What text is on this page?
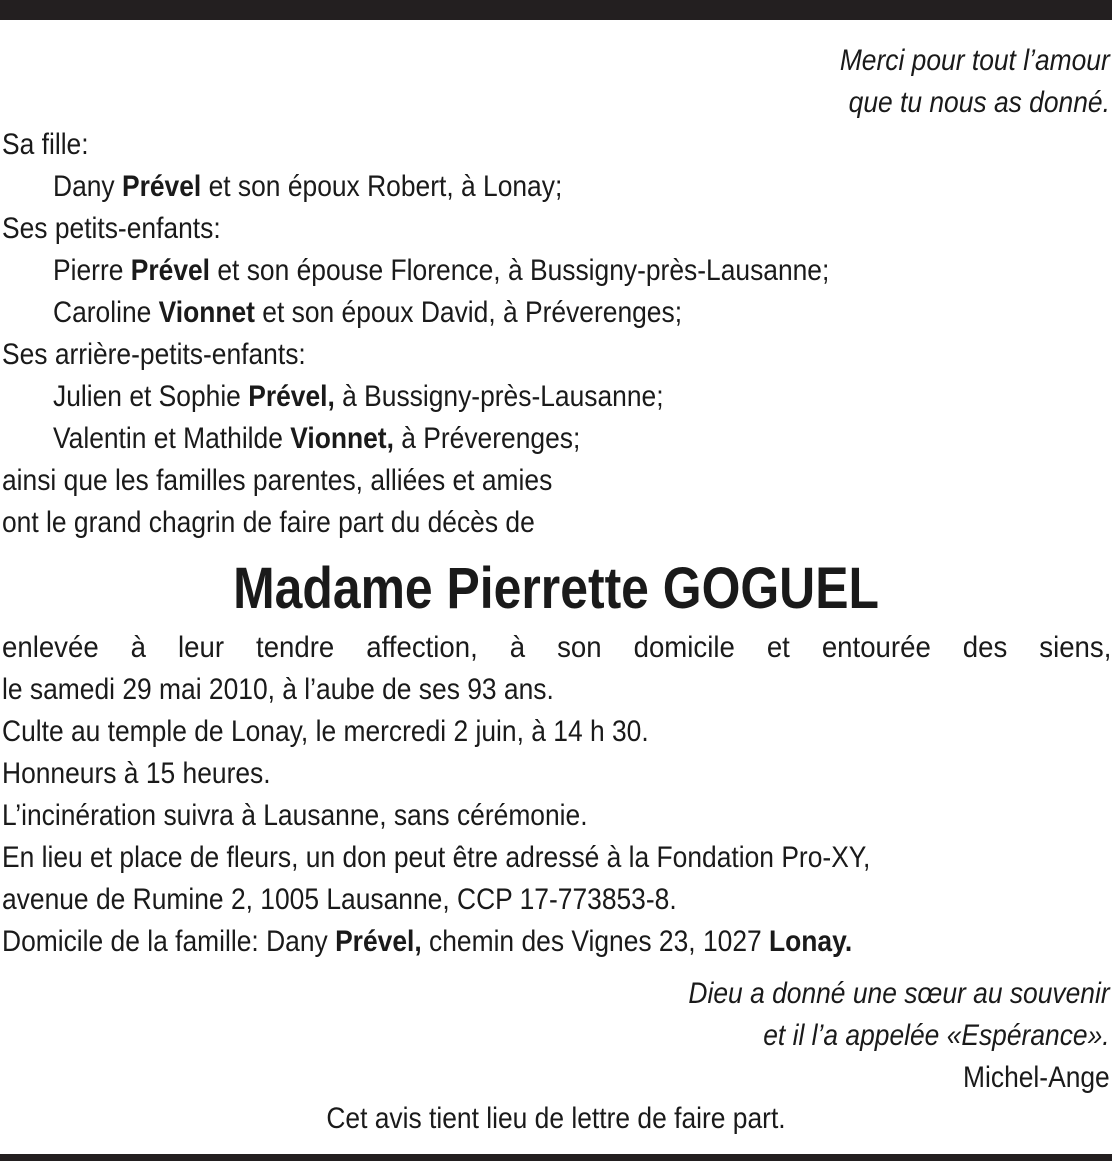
Merci pour tout l’amour
que tu nous as donné.
Sa fille:
Dany Prével et son époux Robert, à Lonay;
Ses petits-enfants:
Pierre Prével et son épouse Florence, à Bussigny-près-Lausanne;
Caroline Vionnet et son époux David, à Préverenges;
Ses arrière-petits-enfants:
Julien et Sophie Prével, à Bussigny-près-Lausanne;
Valentin et Mathilde Vionnet, à Préverenges;
ainsi que les familles parentes, alliées et amies
ont le grand chagrin de faire part du décès de
Madame Pierrette GOGUEL
enlevée à leur tendre affection, à son domicile et entourée des siens,
le samedi 29 mai 2010, à l’aube de ses 93 ans.
Culte au temple de Lonay, le mercredi 2 juin, à 14 h 30.
Honneurs à 15 heures.
L’incinération suivra à Lausanne, sans cérémonie.
En lieu et place de fleurs, un don peut être adressé à la Fondation Pro-XY,
avenue de Rumine 2, 1005 Lausanne, CCP 17-773853-8.
Domicile de la famille: Dany Prével, chemin des Vignes 23, 1027 Lonay.
Dieu a donné une sœur au souvenir
et il l’a appelée «Espérance».
Michel-Ange
Cet avis tient lieu de lettre de faire part.
